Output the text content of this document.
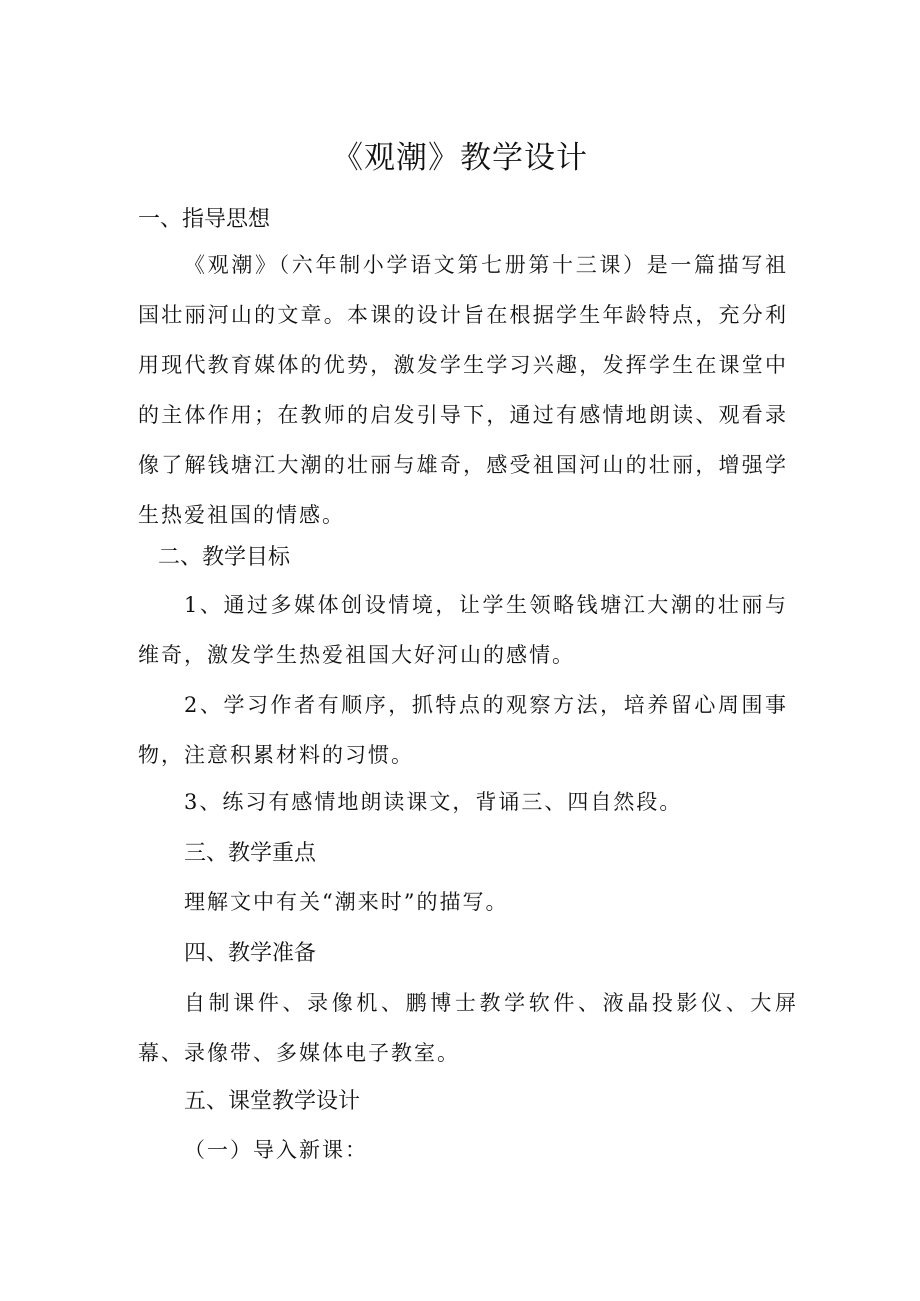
《观潮》教学设计
一、指导思想
《观潮》（六年制小学语文第七册第十三课）是一篇描写祖国壮丽河山的文章。本课的设计旨在根据学生年龄特点，充分利用现代教育媒体的优势，激发学生学习兴趣，发挥学生在课堂中的主体作用；在教师的启发引导下，通过有感情地朗读、观看录像了解钱塘江大潮的壮丽与雄奇，感受祖国河山的壮丽，增强学生热爱祖国的情感。
二、教学目标
1、通过多媒体创设情境，让学生领略钱塘江大潮的壮丽与维奇，激发学生热爱祖国大好河山的感情。
2、学习作者有顺序，抓特点的观察方法，培养留心周围事物，注意积累材料的习惯。
3、练习有感情地朗读课文，背诵三、四自然段。
三、教学重点
理解文中有关“潮来时”的描写。
四、教学准备
自制课件、录像机、鹏博士教学软件、液晶投影仪、大屏幕、录像带、多媒体电子教室。
五、课堂教学设计
（一）导入新课：
